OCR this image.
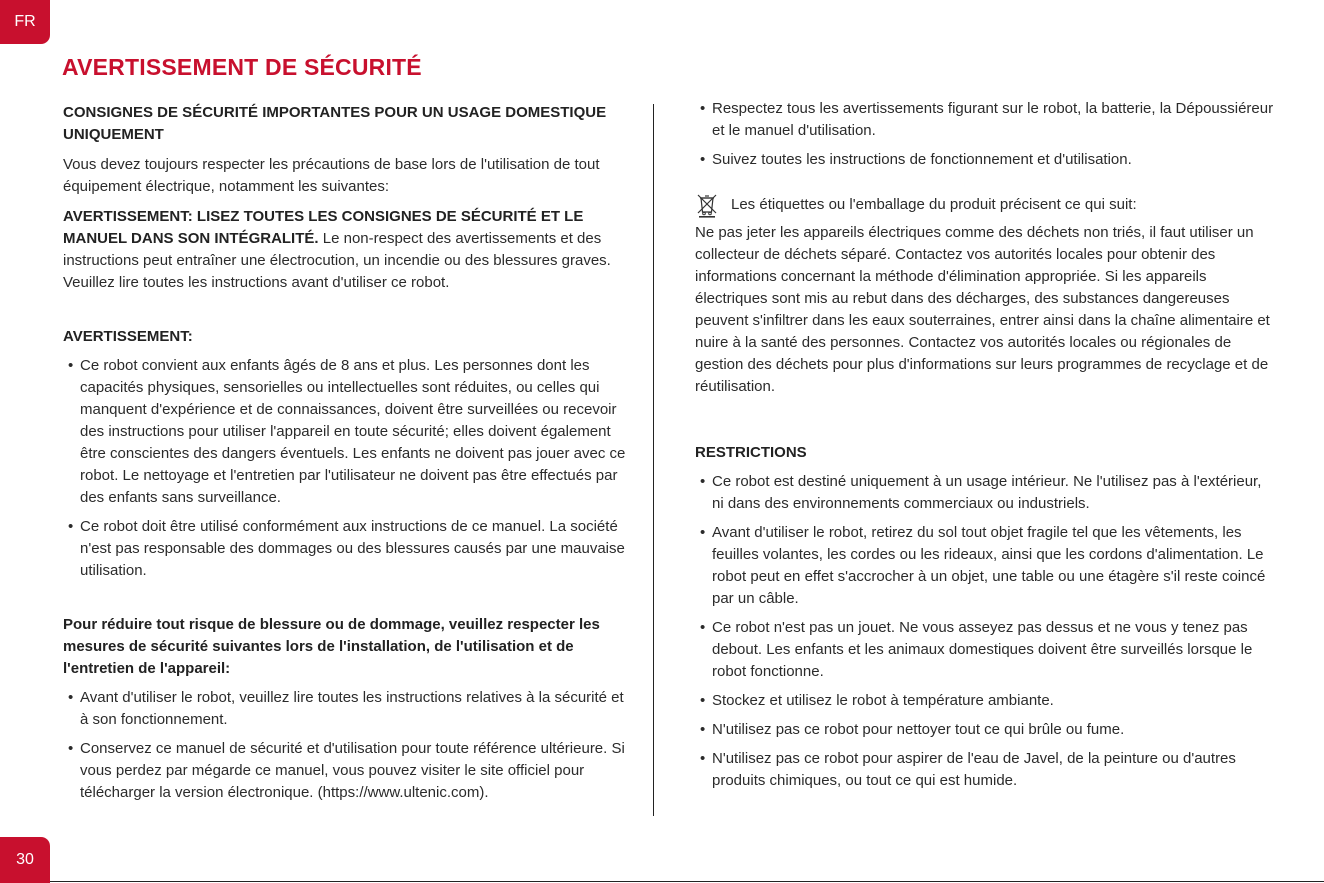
FR
AVERTISSEMENT DE SÉCURITÉ

CONSIGNES DE SÉCURITÉ IMPORTANTES POUR UN USAGE DOMESTIQUE UNIQUEMENT

Vous devez toujours respecter les précautions de base lors de l'utilisation de tout équipement électrique, notamment les suivantes:

AVERTISSEMENT: LISEZ TOUTES LES CONSIGNES DE SÉCURITÉ ET LE MANUEL DANS SON INTÉGRALITÉ. Le non-respect des avertissements et des instructions peut entraîner une électrocution, un incendie ou des blessures graves. Veuillez lire toutes les instructions avant d'utiliser ce robot.

AVERTISSEMENT:

• Ce robot convient aux enfants âgés de 8 ans et plus. Les personnes dont les capacités physiques, sensorielles ou intellectuelles sont réduites, ou celles qui manquent d'expérience et de connaissances, doivent être surveillées ou recevoir des instructions pour utiliser l'appareil en toute sécurité; elles doivent également être conscientes des dangers éventuels. Les enfants ne doivent pas jouer avec ce robot. Le nettoyage et l'entretien par l'utilisateur ne doivent pas être effectués par des enfants sans surveillance.
• Ce robot doit être utilisé conformément aux instructions de ce manuel. La société n'est pas responsable des dommages ou des blessures causés par une mauvaise utilisation.

Pour réduire tout risque de blessure ou de dommage, veuillez respecter les mesures de sécurité suivantes lors de l'installation, de l'utilisation et de l'entretien de l'appareil:

• Avant d'utiliser le robot, veuillez lire toutes les instructions relatives à la sécurité et à son fonctionnement.
• Conservez ce manuel de sécurité et d'utilisation pour toute référence ultérieure. Si vous perdez par mégarde ce manuel, vous pouvez visiter le site officiel pour télécharger la version électronique. (https://www.ultenic.com).
• Respectez tous les avertissements figurant sur le robot, la batterie, la Dépoussiéreur et le manuel d'utilisation.
• Suivez toutes les instructions de fonctionnement et d'utilisation.
Les étiquettes ou l'emballage du produit précisent ce qui suit:

Ne pas jeter les appareils électriques comme des déchets non triés, il faut utiliser un collecteur de déchets séparé. Contactez vos autorités locales pour obtenir des informations concernant la méthode d'élimination appropriée. Si les appareils électriques sont mis au rebut dans des décharges, des substances dangereuses peuvent s'infiltrer dans les eaux souterraines, entrer ainsi dans la chaîne alimentaire et nuire à la santé des personnes. Contactez vos autorités locales ou régionales de gestion des déchets pour plus d'informations sur leurs programmes de recyclage et de réutilisation.

RESTRICTIONS

• Ce robot est destiné uniquement à un usage intérieur. Ne l'utilisez pas à l'extérieur, ni dans des environnements commerciaux ou industriels.
• Avant d'utiliser le robot, retirez du sol tout objet fragile tel que les vêtements, les feuilles volantes, les cordes ou les rideaux, ainsi que les cordons d'alimentation. Le robot peut en effet s'accrocher à un objet, une table ou une étagère s'il reste coincé par un câble.
• Ce robot n'est pas un jouet. Ne vous asseyez pas dessus et ne vous y tenez pas debout. Les enfants et les animaux domestiques doivent être surveillés lorsque le robot fonctionne.
• Stockez et utilisez le robot à température ambiante.
• N'utilisez pas ce robot pour nettoyer tout ce qui brûle ou fume.
• N'utilisez pas ce robot pour aspirer de l'eau de Javel, de la peinture ou d'autres produits chimiques, ou tout ce qui est humide.
30
